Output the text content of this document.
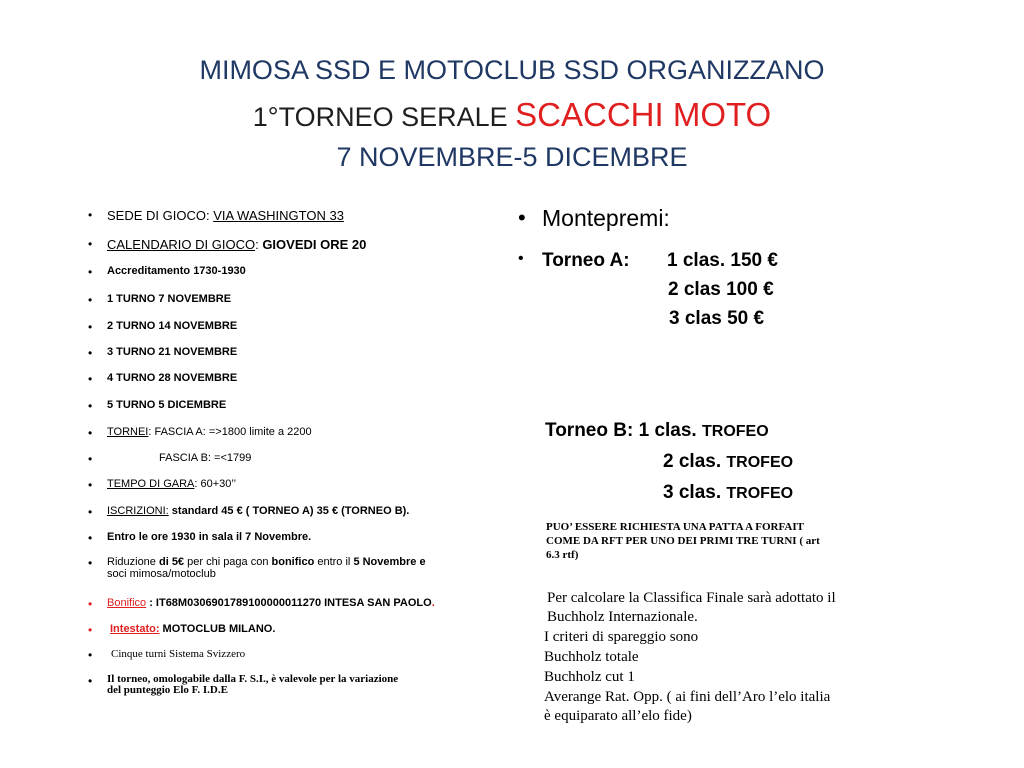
MIMOSA SSD E MOTOCLUB SSD ORGANIZZANO
1°TORNEO SERALE SCACCHI MOTO
7 NOVEMBRE-5 DICEMBRE
• SEDE DI GIOCO: VIA WASHINGTON 33
• CALENDARIO DI GIOCO: GIOVEDI ORE 20
• Accreditamento 1730-1930
• 1 TURNO 7 NOVEMBRE
• 2 TURNO 14 NOVEMBRE
• 3 TURNO 21 NOVEMBRE
• 4 TURNO 28 NOVEMBRE
• 5 TURNO 5 DICEMBRE
• TORNEI: FASCIA A: =>1800 limite a 2200
•	FASCIA B: =<1799
• TEMPO DI GARA: 60+30’’
• ISCRIZIONI: standard 45 € ( TORNEO A) 35 € (TORNEO B).
• Entro le ore 1930 in sala il 7 Novembre.
• Riduzione di 5€ per chi paga con bonifico entro il 5 Novembre e
soci mimosa/motoclub
• Bonifico : IT68M0306901789100000011270 INTESA SAN PAOLO.
• Intestato: MOTOCLUB MILANO.
• Cinque turni Sistema Svizzero
• Il torneo, omologabile dalla F. S.I., è valevole per la variazione
del punteggio Elo F. I.D.E
• Montepremi:
• Torneo A: 1 clas. 150 €
2 clas 100 €
3 clas 50 €
Torneo B: 1 clas. TROFEO
2 clas. TROFEO
3 clas. TROFEO
PUO’ ESSERE RICHIESTA UNA PATTA A FORFAIT
COME DA RFT PER UNO DEI PRIMI TRE TURNI ( art
6.3 rtf)
Per calcolare la Classifica Finale sarà adottato il
Buchholz Internazionale.
I criteri di spareggio sono
Buchholz totale
Buchholz cut 1
Averange Rat. Opp. ( ai fini dell’Aro l’elo italia
è equiparato all’elo fide)
